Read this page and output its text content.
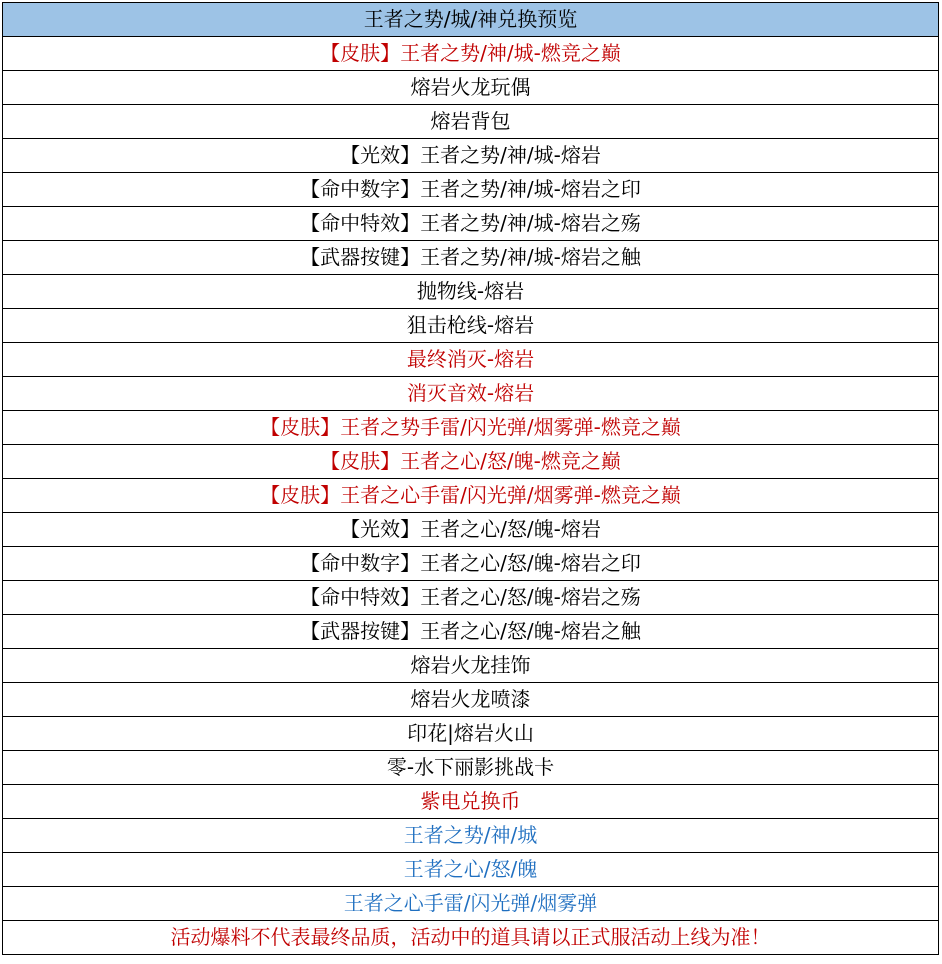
王者之势/城/神兑换预览
【皮肤】王者之势/神/城-燃竞之巅
熔岩火龙玩偶
熔岩背包
【光效】王者之势/神/城-熔岩
【命中数字】王者之势/神/城-熔岩之印
【命中特效】王者之势/神/城-熔岩之殇
【武器按键】王者之势/神/城-熔岩之触
抛物线-熔岩
狙击枪线-熔岩
最终消灭-熔岩
消灭音效-熔岩
【皮肤】王者之势手雷/闪光弹/烟雾弹-燃竞之巅
【皮肤】王者之心/怒/魄-燃竞之巅
【皮肤】王者之心手雷/闪光弹/烟雾弹-燃竞之巅
【光效】王者之心/怒/魄-熔岩
【命中数字】王者之心/怒/魄-熔岩之印
【命中特效】王者之心/怒/魄-熔岩之殇
【武器按键】王者之心/怒/魄-熔岩之触
熔岩火龙挂饰
熔岩火龙喷漆
印花|熔岩火山
零-水下丽影挑战卡
紫电兑换币
王者之势/神/城
王者之心/怒/魄
王者之心手雷/闪光弹/烟雾弹
活动爆料不代表最终品质，活动中的道具请以正式服活动上线为准！
